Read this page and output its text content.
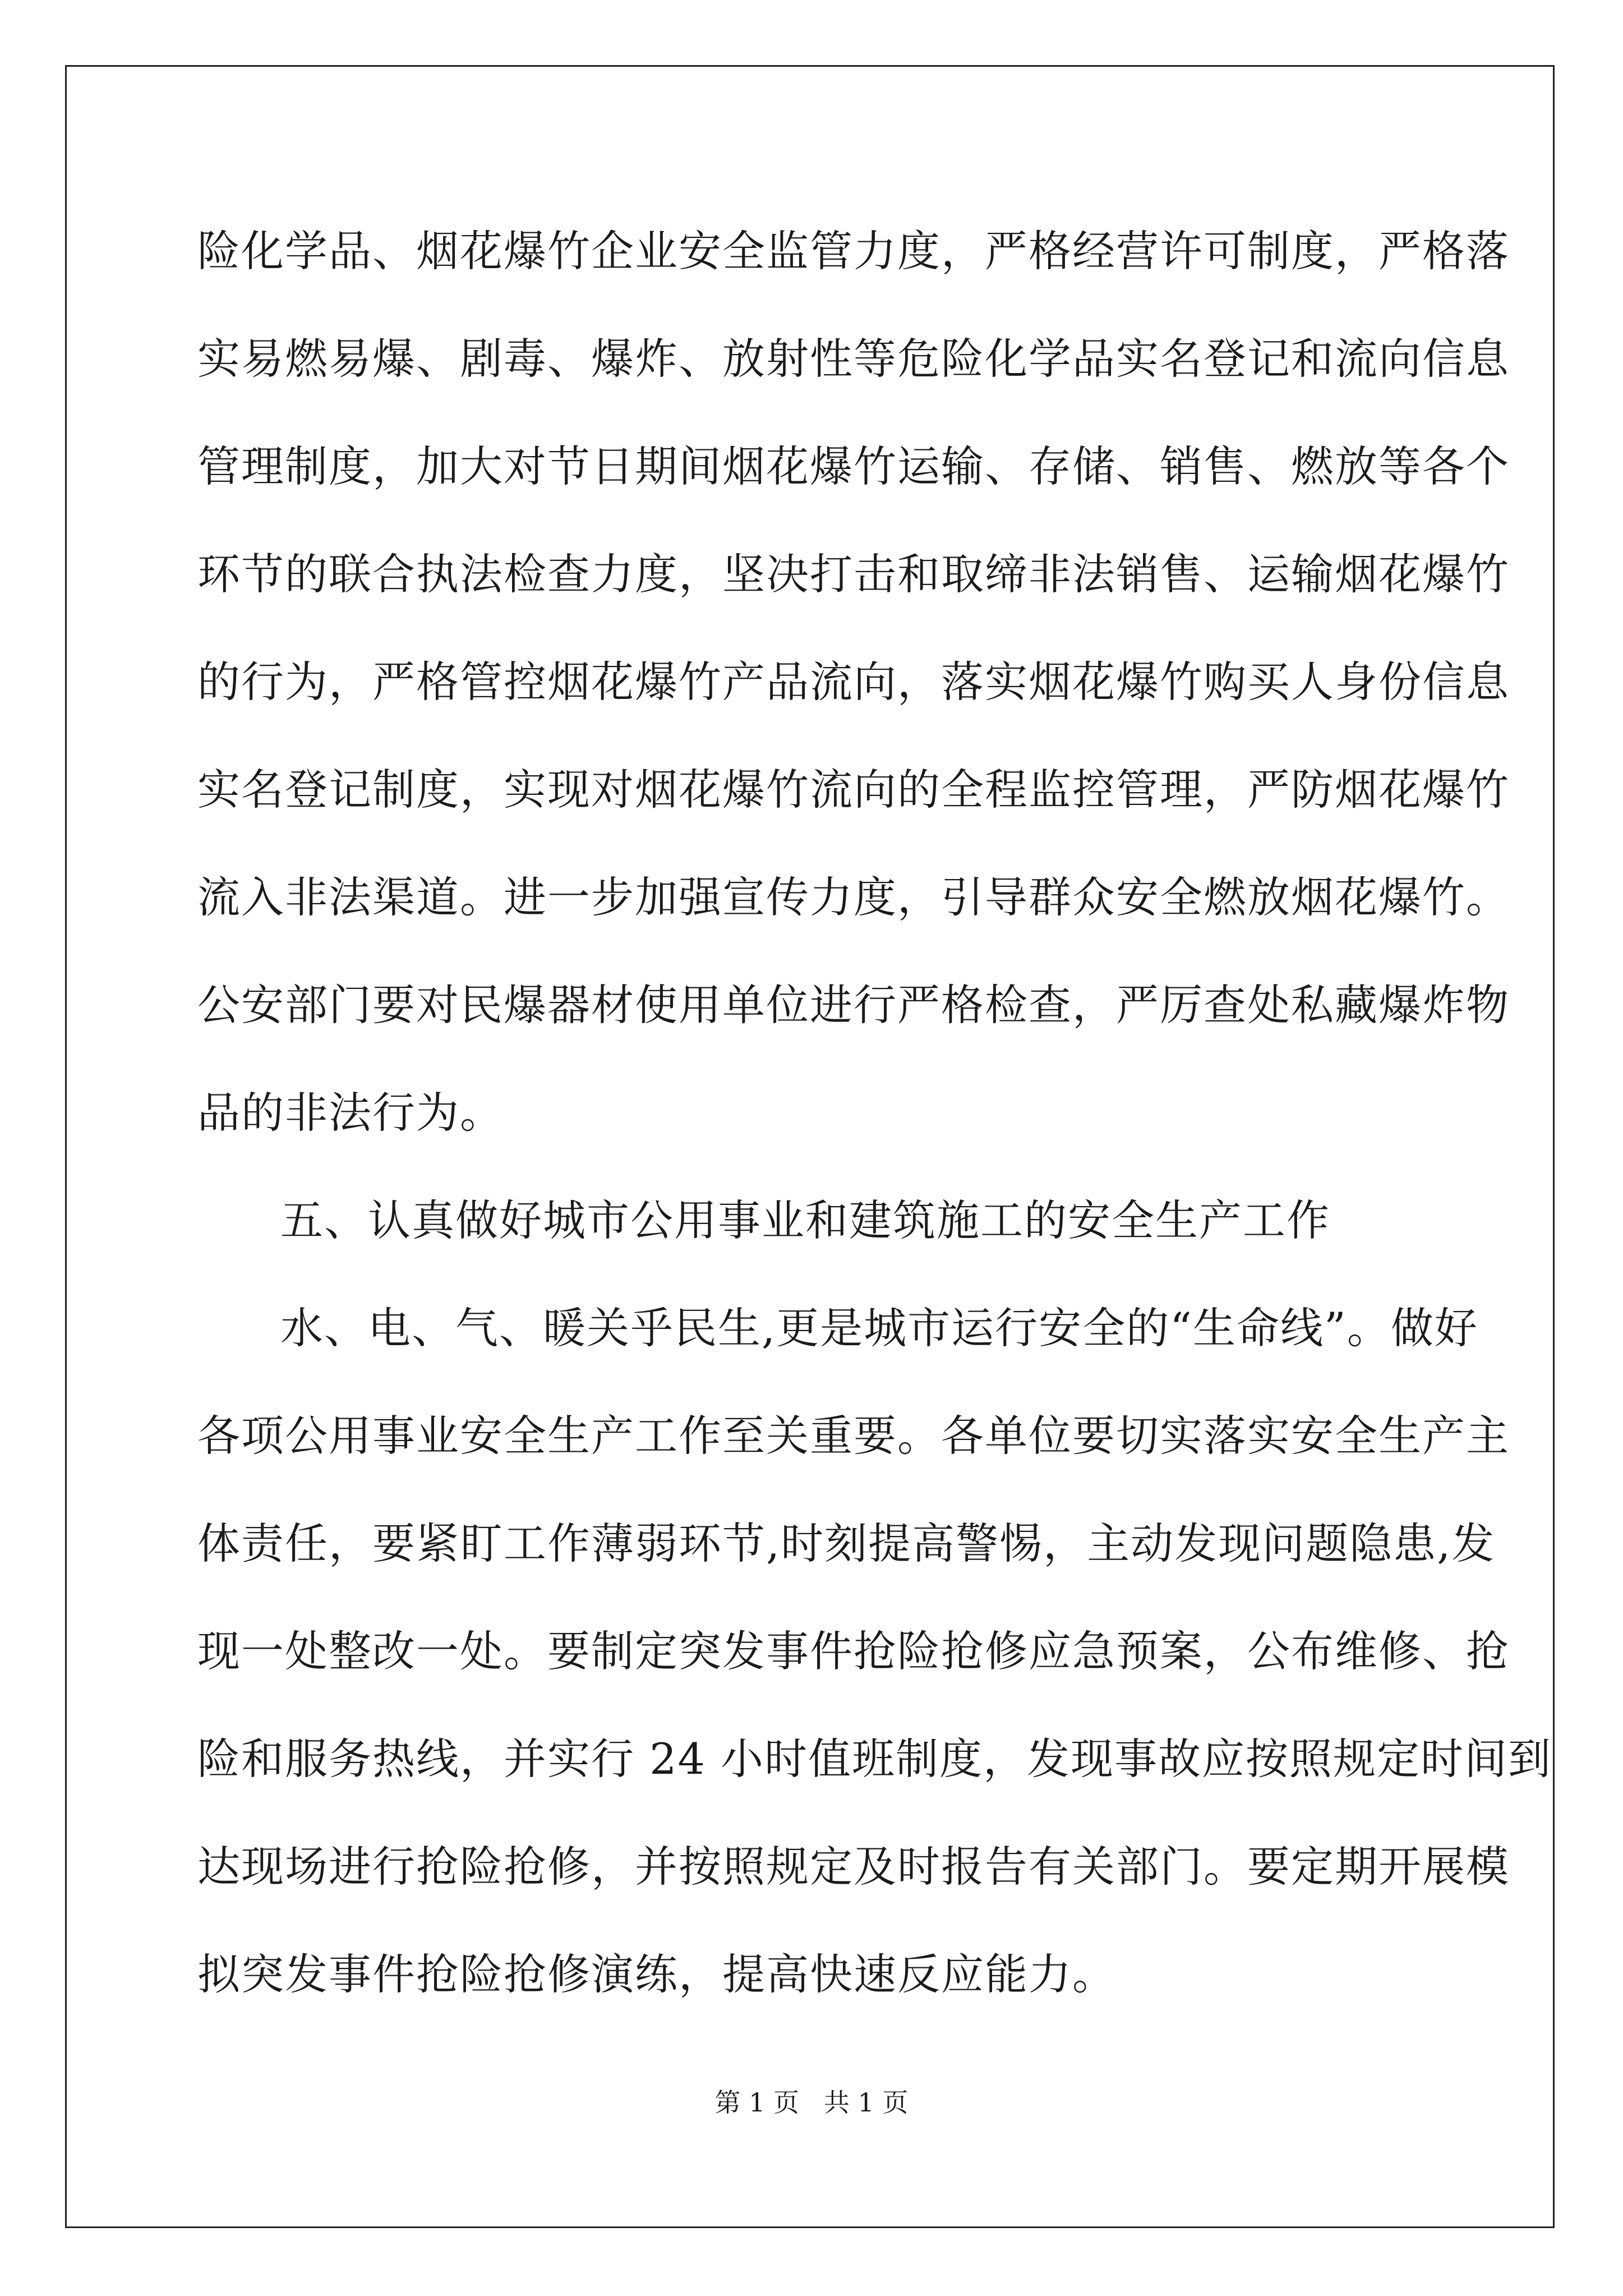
险化学品、烟花爆竹企业安全监管力度，严格经营许可制度，严格落
实易燃易爆、剧毒、爆炸、放射性等危险化学品实名登记和流向信息
管理制度，加大对节日期间烟花爆竹运输、存储、销售、燃放等各个
环节的联合执法检查力度，坚决打击和取缔非法销售、运输烟花爆竹
的行为，严格管控烟花爆竹产品流向，落实烟花爆竹购买人身份信息
实名登记制度，实现对烟花爆竹流向的全程监控管理，严防烟花爆竹
流入非法渠道。进一步加强宣传力度，引导群众安全燃放烟花爆竹。
公安部门要对民爆器材使用单位进行严格检查，严厉查处私藏爆炸物
品的非法行为。
五、认真做好城市公用事业和建筑施工的安全生产工作
水、电、气、暖关乎民生,更是城市运行安全的“生命线”。做好
各项公用事业安全生产工作至关重要。各单位要切实落实安全生产主
体责任，要紧盯工作薄弱环节,时刻提高警惕，主动发现问题隐患,发
现一处整改一处。要制定突发事件抢险抢修应急预案，公布维修、抢
险和服务热线，并实行 24 小时值班制度，发现事故应按照规定时间到
达现场进行抢险抢修，并按照规定及时报告有关部门。要定期开展模
拟突发事件抢险抢修演练，提高快速反应能力。
第 1 页   共 1 页
